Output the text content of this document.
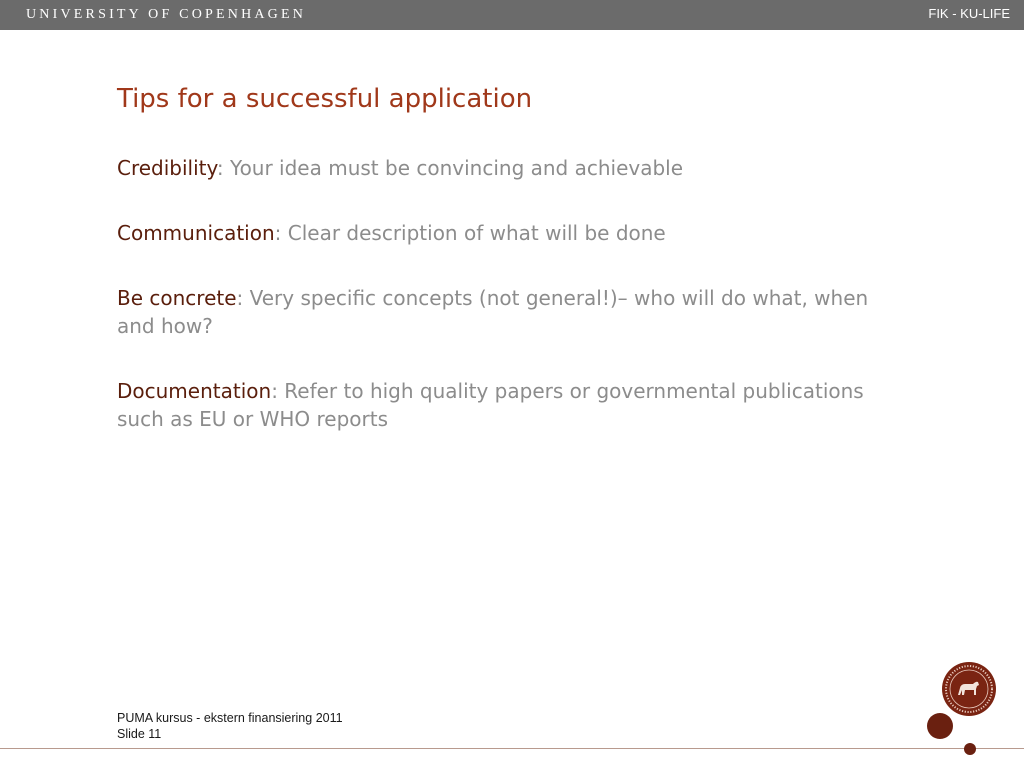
UNIVERSITY OF COPENHAGEN	FIK - KU-LIFE
Tips for a successful application

Credibility: Your idea must be convincing and achievable

Communication: Clear description of what will be done

Be concrete: Very specific concepts (not general!)– who will do what, when and how?

Documentation: Refer to high quality papers or governmental publications such as EU or WHO reports

PUMA kursus - ekstern finansiering 2011
Slide 11
